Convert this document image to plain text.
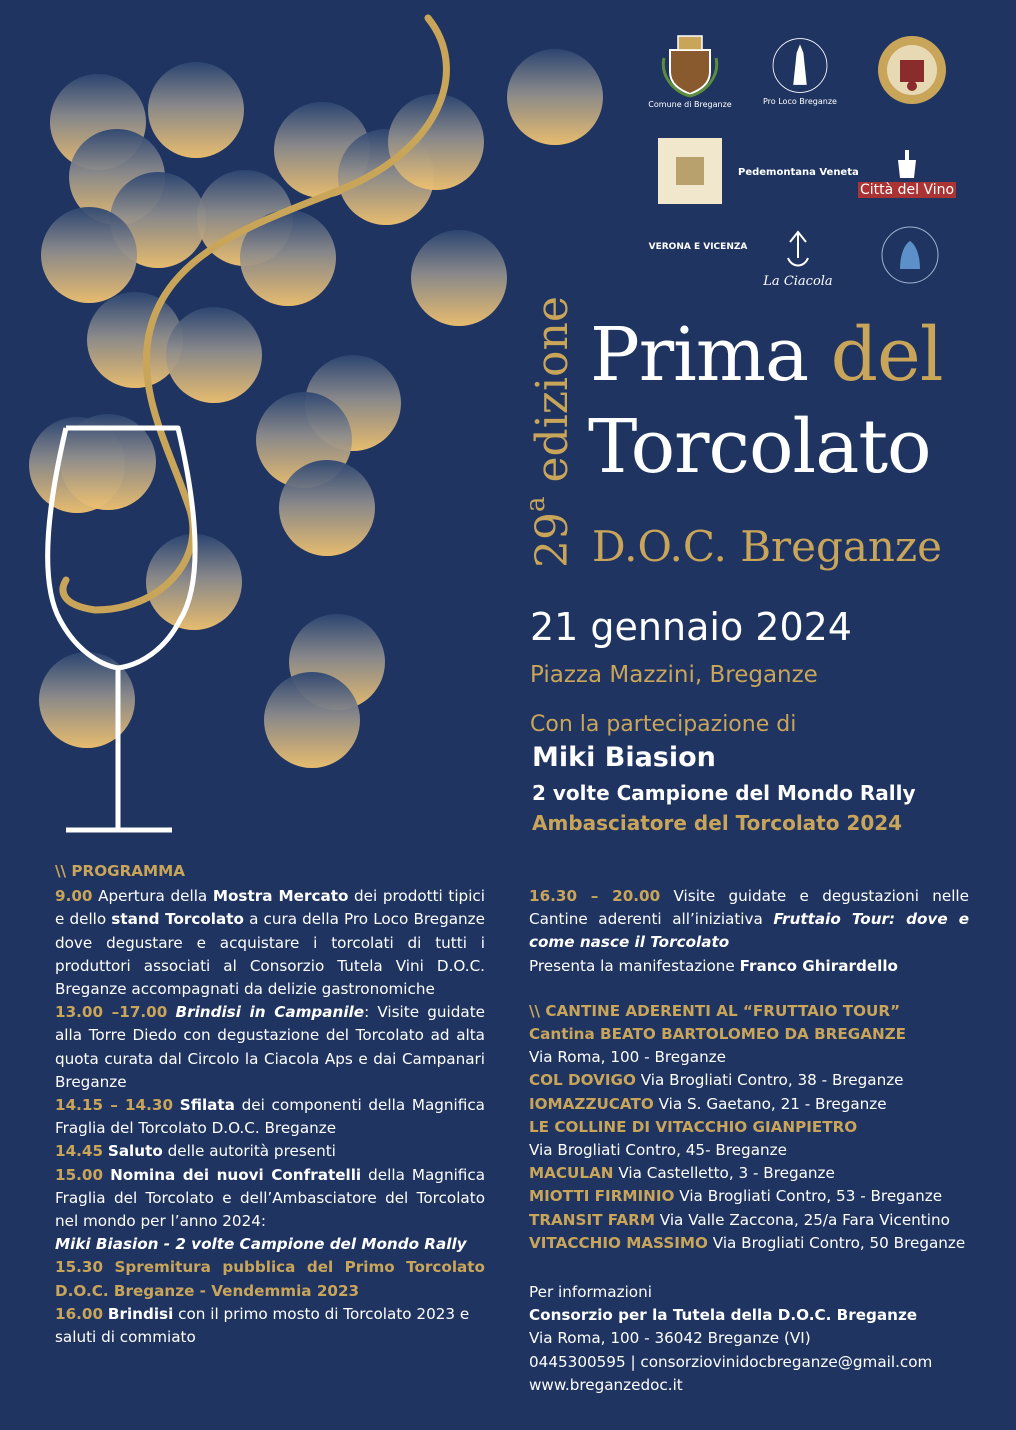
Comune di Breganze	Pro Loco Breganze
Pedemontana Veneta
Città del Vino
VERONA E VICENZA
La Ciacola
29$^a$ edizione Prima del
Torcolato
D.O.C. Breganze
21 gennaio 2024
Piazza Mazzini, Breganze
Con la partecipazione di
Miki Biasion
2 volte Campione del Mondo Rally
Ambasciatore del Torcolato 2024

\\ PROGRAMMA

9.00 Apertura della Mostra Mercato dei prodotti tipici e dello stand Torcolato a cura della Pro Loco Breganze dove degustare e acquistare i torcolati di tutti i produttori associati al Consorzio Tutela Vini D.O.C. Breganze accompagnati da delizie gastronomiche

13.00 –17.00 Brindisi in Campanile: Visite guidate alla Torre Diedo con degustazione del Torcolato ad alta quota curata dal Circolo la Ciacola Aps e dai Campanari Breganze

14.15 – 14.30 Sfilata dei componenti della Magnifica Fraglia del Torcolato D.O.C. Breganze

14.45 Saluto delle autorità presenti

15.00 Nomina dei nuovi Confratelli della Magnifica Fraglia del Torcolato e dell’Ambasciatore del Torcolato nel mondo per l’anno 2024:

Miki Biasion - 2 volte Campione del Mondo Rally

15.30 Spremitura pubblica del Primo Torcolato D.O.C. Breganze - Vendemmia 2023

16.00 Brindisi con il primo mosto di Torcolato 2023 e saluti di commiato

16.30 – 20.00 Visite guidate e degustazioni nelle Cantine aderenti all’iniziativa Fruttaio Tour: dove e come nasce il Torcolato

Presenta la manifestazione Franco Ghirardello

\\ CANTINE ADERENTI AL “FRUTTAIO TOUR”

Cantina BEATO BARTOLOMEO DA BREGANZE

Via Roma, 100 - Breganze

COL DOVIGO Via Brogliati Contro, 38 - Breganze

IOMAZZUCATO Via S. Gaetano, 21 - Breganze

LE COLLINE DI VITACCHIO GIANPIETRO

Via Brogliati Contro, 45- Breganze

MACULAN Via Castelletto, 3 - Breganze

MIOTTI FIRMINIO Via Brogliati Contro, 53 - Breganze

TRANSIT FARM Via Valle Zaccona, 25/a Fara Vicentino

VITACCHIO MASSIMO Via Brogliati Contro, 50 Breganze

Per informazioni

Consorzio per la Tutela della D.O.C. Breganze

Via Roma, 100 - 36042 Breganze (VI)

0445300595 | consorziovinidocbreganze@gmail.com

www.breganzedoc.it
